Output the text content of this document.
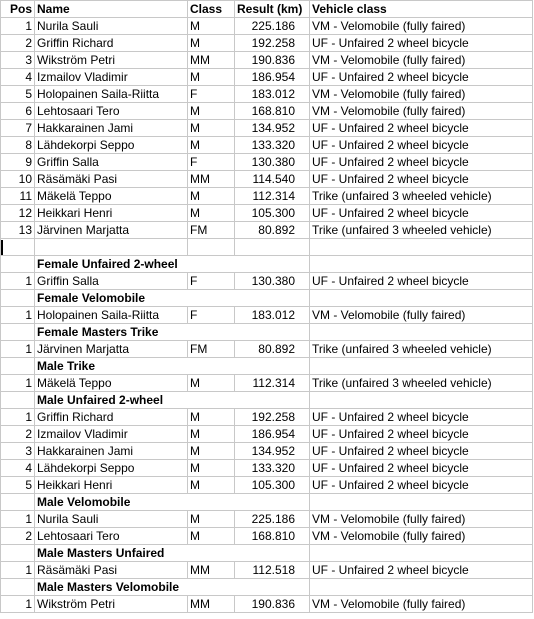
Pos	Name	Class	Result (km)	Vehicle class
1	Nurila Sauli	M	225.186	VM - Velomobile (fully faired)
2	Griffin Richard	M	192.258	UF - Unfaired 2 wheel bicycle
3	Wikström Petri	MM	190.836	VM - Velomobile (fully faired)
4	Izmailov Vladimir	M	186.954	UF - Unfaired 2 wheel bicycle
5	Holopainen Saila-Riitta	F	183.012	VM - Velomobile (fully faired)
6	Lehtosaari Tero	M	168.810	VM - Velomobile (fully faired)
7	Hakkarainen Jami	M	134.952	UF - Unfaired 2 wheel bicycle
8	Lähdekorpi Seppo	M	133.320	UF - Unfaired 2 wheel bicycle
9	Griffin Salla	F	130.380	UF - Unfaired 2 wheel bicycle
10	Räsämäki Pasi	MM	114.540	UF - Unfaired 2 wheel bicycle
11	Mäkelä Teppo	M	112.314	Trike (unfaired 3 wheeled vehicle)
12	Heikkari Henri	M	105.300	UF - Unfaired 2 wheel bicycle
13	Järvinen Marjatta	FM	80.892	Trike (unfaired 3 wheeled vehicle)

	Female Unfaired 2-wheel			
1	Griffin Salla	F	130.380	UF - Unfaired 2 wheel bicycle
	Female Velomobile			
1	Holopainen Saila-Riitta	F	183.012	VM - Velomobile (fully faired)
	Female Masters Trike			
1	Järvinen Marjatta	FM	80.892	Trike (unfaired 3 wheeled vehicle)
	Male Trike			
1	Mäkelä Teppo	M	112.314	Trike (unfaired 3 wheeled vehicle)
	Male Unfaired 2-wheel			
1	Griffin Richard	M	192.258	UF - Unfaired 2 wheel bicycle
2	Izmailov Vladimir	M	186.954	UF - Unfaired 2 wheel bicycle
3	Hakkarainen Jami	M	134.952	UF - Unfaired 2 wheel bicycle
4	Lähdekorpi Seppo	M	133.320	UF - Unfaired 2 wheel bicycle
5	Heikkari Henri	M	105.300	UF - Unfaired 2 wheel bicycle
	Male Velomobile			
1	Nurila Sauli	M	225.186	VM - Velomobile (fully faired)
2	Lehtosaari Tero	M	168.810	VM - Velomobile (fully faired)
	Male Masters Unfaired			
1	Räsämäki Pasi	MM	112.518	UF - Unfaired 2 wheel bicycle
	Male Masters Velomobile			
1	Wikström Petri	MM	190.836	VM - Velomobile (fully faired)
